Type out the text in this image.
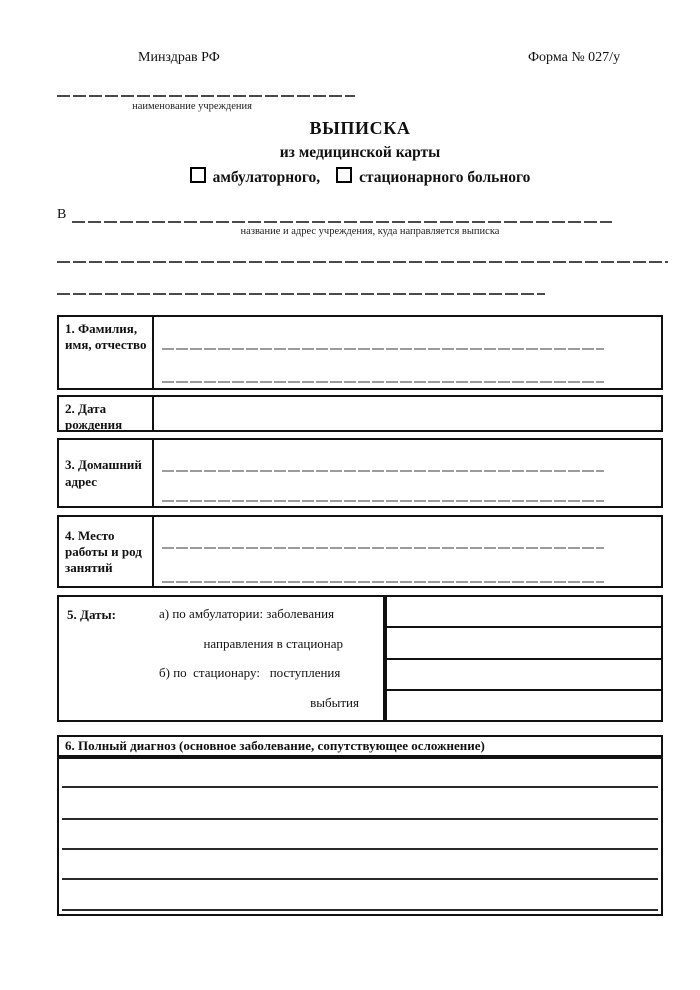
Минздрав РФ	Форма № 027/у
наименование учреждения
ВЫПИСКА
из медицинской карты
амбулаторного,	стационарного больного
В
название и адрес учреждения, куда направляется выписка
1. Фамилия, имя, отчество
2. Дата рождения
3. Домашний адрес
4. Место работы и род занятий
5. Даты:	а) по амбулатории: заболевания
направления в стационар
б) по  стационару:   поступления
выбытия
6. Полный диагноз (основное заболевание, сопутствующее осложнение)
